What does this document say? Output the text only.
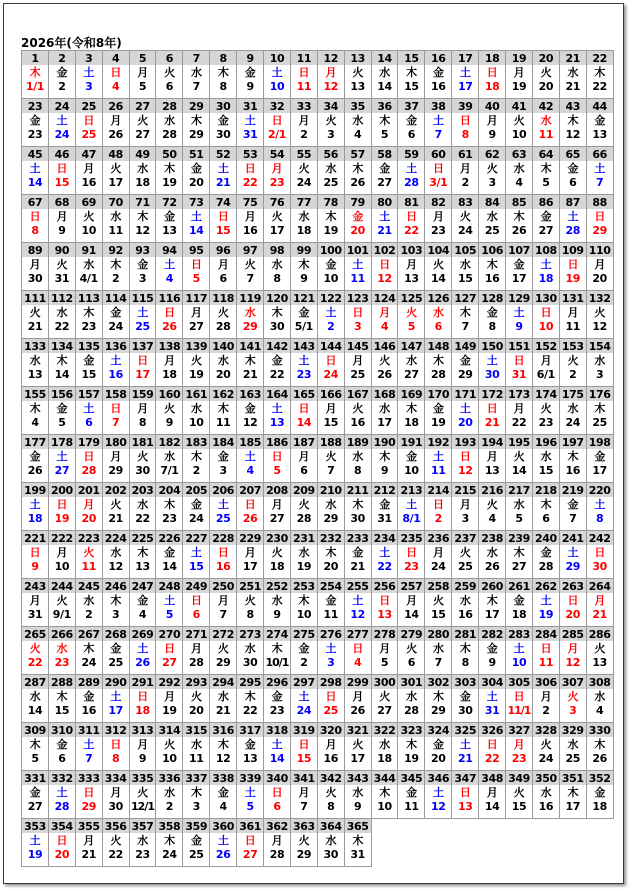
2026年(令和8年)
1
木
1/1
2
金
2
3
土
3
4
日
4
5
月
5
6
火
6
7
水
7
8
木
8
9
金
9
10
土
10
11
日
11
12
月
12
13
火
13
14
水
14
15
木
15
16
金
16
17
土
17
18
日
18
19
月
19
20
火
20
21
水
21
22
木
22
23
金
23
24
土
24
25
日
25
26
月
26
27
火
27
28
水
28
29
木
29
30
金
30
31
土
31
32
日
2/1
33
月
2
34
火
3
35
水
4
36
木
5
37
金
6
38
土
7
39
日
8
40
月
9
41
火
10
42
水
11
43
木
12
44
金
13
45
土
14
46
日
15
47
月
16
48
火
17
49
水
18
50
木
19
51
金
20
52
土
21
53
日
22
54
月
23
55
火
24
56
水
25
57
木
26
58
金
27
59
土
28
60
日
3/1
61
月
2
62
火
3
63
水
4
64
木
5
65
金
6
66
土
7
67
日
8
68
月
9
69
火
10
70
水
11
71
木
12
72
金
13
73
土
14
74
日
15
75
月
16
76
火
17
77
水
18
78
木
19
79
金
20
80
土
21
81
日
22
82
月
23
83
火
24
84
水
25
85
木
26
86
金
27
87
土
28
88
日
29
89
月
30
90
火
31
91
水
4/1
92
木
2
93
金
3
94
土
4
95
日
5
96
月
6
97
火
7
98
水
8
99
木
9
100
金
10
101
土
11
102
日
12
103
月
13
104
火
14
105
水
15
106
木
16
107
金
17
108
土
18
109
日
19
110
月
20
111
火
21
112
水
22
113
木
23
114
金
24
115
土
25
116
日
26
117
月
27
118
火
28
119
水
29
120
木
30
121
金
5/1
122
土
2
123
日
3
124
月
4
125
火
5
126
水
6
127
木
7
128
金
8
129
土
9
130
日
10
131
月
11
132
火
12
133
水
13
134
木
14
135
金
15
136
土
16
137
日
17
138
月
18
139
火
19
140
水
20
141
木
21
142
金
22
143
土
23
144
日
24
145
月
25
146
火
26
147
水
27
148
木
28
149
金
29
150
土
30
151
日
31
152
月
6/1
153
火
2
154
水
3
155
木
4
156
金
5
157
土
6
158
日
7
159
月
8
160
火
9
161
水
10
162
木
11
163
金
12
164
土
13
165
日
14
166
月
15
167
火
16
168
水
17
169
木
18
170
金
19
171
土
20
172
日
21
173
月
22
174
火
23
175
水
24
176
木
25
177
金
26
178
土
27
179
日
28
180
月
29
181
火
30
182
水
7/1
183
木
2
184
金
3
185
土
4
186
日
5
187
月
6
188
火
7
189
水
8
190
木
9
191
金
10
192
土
11
193
日
12
194
月
13
195
火
14
196
水
15
197
木
16
198
金
17
199
土
18
200
日
19
201
月
20
202
火
21
203
水
22
204
木
23
205
金
24
206
土
25
207
日
26
208
月
27
209
火
28
210
水
29
211
木
30
212
金
31
213
土
8/1
214
日
2
215
月
3
216
火
4
217
水
5
218
木
6
219
金
7
220
土
8
221
日
9
222
月
10
223
火
11
224
水
12
225
木
13
226
金
14
227
土
15
228
日
16
229
月
17
230
火
18
231
水
19
232
木
20
233
金
21
234
土
22
235
日
23
236
月
24
237
火
25
238
水
26
239
木
27
240
金
28
241
土
29
242
日
30
243
月
31
244
火
9/1
245
水
2
246
木
3
247
金
4
248
土
5
249
日
6
250
月
7
251
火
8
252
水
9
253
木
10
254
金
11
255
土
12
256
日
13
257
月
14
258
火
15
259
水
16
260
木
17
261
金
18
262
土
19
263
日
20
264
月
21
265
火
22
266
水
23
267
木
24
268
金
25
269
土
26
270
日
27
271
月
28
272
火
29
273
水
30
274
木
10/1
275
金
2
276
土
3
277
日
4
278
月
5
279
火
6
280
水
7
281
木
8
282
金
9
283
土
10
284
日
11
285
月
12
286
火
13
287
水
14
288
木
15
289
金
16
290
土
17
291
日
18
292
月
19
293
火
20
294
水
21
295
木
22
296
金
23
297
土
24
298
日
25
299
月
26
300
火
27
301
水
28
302
木
29
303
金
30
304
土
31
305
日
11/1
306
月
2
307
火
3
308
水
4
309
木
5
310
金
6
311
土
7
312
日
8
313
月
9
314
火
10
315
水
11
316
木
12
317
金
13
318
土
14
319
日
15
320
月
16
321
火
17
322
水
18
323
木
19
324
金
20
325
土
21
326
日
22
327
月
23
328
火
24
329
水
25
330
木
26
331
金
27
332
土
28
333
日
29
334
月
30
335
火
12/1
336
水
2
337
木
3
338
金
4
339
土
5
340
日
6
341
月
7
342
火
8
343
水
9
344
木
10
345
金
11
346
土
12
347
日
13
348
月
14
349
火
15
350
水
16
351
木
17
352
金
18
353
土
19
354
日
20
355
月
21
356
火
22
357
水
23
358
木
24
359
金
25
360
土
26
361
日
27
362
月
28
363
火
29
364
水
30
365
木
31
